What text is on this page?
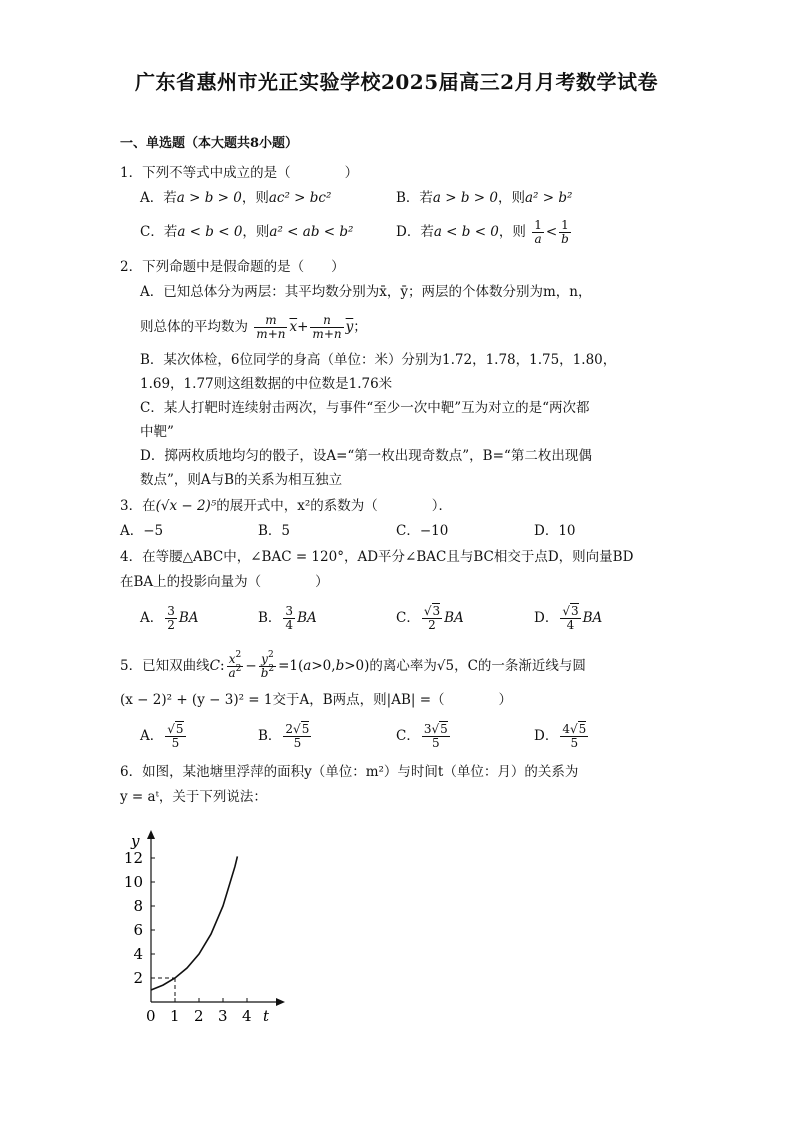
广东省惠州市光正实验学校2025届高三2月月考数学试卷
一、单选题（本大题共8小题）
1．下列不等式中成立的是（　　　　）
A．若a > b > 0，则ac² > bc²	B．若a > b > 0，则a² > b²
C．若a < b < 0，则a² < ab < b²	D．若a < b < 0，则 $\frac{1}{a} < \frac{1}{b}$
2．下列命题中是假命题的是（　　）
A．已知总体分为两层：其平均数分别为x̄，ȳ；两层的个体数分别为m，n，
则总体的平均数为 $\frac{m}{m+n} \overline{x}+ \frac{n}{m+n} \overline{y}$；
B．某次体检，6位同学的身高（单位：米）分别为1.72，1.78，1.75，1.80，
1.69，1.77则这组数据的中位数是1.76米
C．某人打靶时连续射击两次，与事件“至少一次中靶”互为对立的是“两次都
中靶”
D．掷两枚质地均匀的骰子，设A=“第一枚出现奇数点”，B=“第二枚出现偶
数点”，则A与B的关系为相互独立
3．在(√x − 2)⁵的展开式中，x²的系数为（　　　　）．
A．−5	B．5	C．−10	D．10
4．在等腰△ABC中，∠BAC = 120°，AD平分∠BAC且与BC相交于点D，则向量BD
在BA上的投影向量为（　　　　）
A． $\frac{3}{2}$ BA	B． $\frac{3}{4}$ BA	C． $\frac{√3}{2}$ BA	D． $\frac{√3}{4}$ BA
5．已知双曲线C: $\frac{x^2}{a^2} - \frac{y^2}{b^2} =1(a>0,b>0)$的离心率为√5，C的一条渐近线与圆
(x − 2)² + (y − 3)² = 1交于A，B两点，则|AB| =（　　　　）
A． $\frac{√5}{5}$	B． $\frac{2√5}{5}$	C． $\frac{3√5}{5}$	D． $\frac{4√5}{5}$
6．如图，某池塘里浮萍的面积y（单位：m²）与时间t（单位：月）的关系为
y = aᵗ，关于下列说法：
t
y
0 1 2 3 4
2
4
6
8
10
12
